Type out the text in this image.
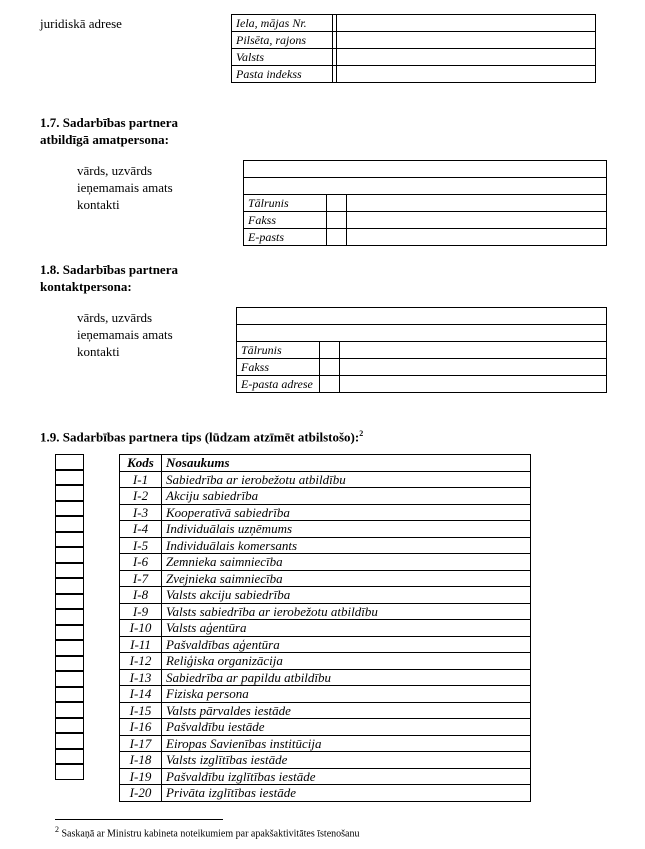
juridiskā adrese	Iela, mājas Nr.		
Pilsēta, rajons		
Valsts		
Pasta indekss		
1.7. Sadarbības partnera
atbildīgā amatpersona:
vārds, uzvārds
ieņemamais amats
kontakti	Tālrunis		
Fakss		
E-pasts		
1.8. Sadarbības partnera
kontaktpersona:
vārds, uzvārds
ieņemamais amats
kontakti	Tālrunis		
Fakss		
E-pasta adrese		
1.9. Sadarbības partnera tips (lūdzam atzīmēt atbilstošo):$^2$
Kods	Nosaukums
I-1	Sabiedrība ar ierobežotu atbildību
I-2	Akciju sabiedrība
I-3	Kooperatīvā sabiedrība
I-4	Individuālais uzņēmums
I-5	Individuālais komersants
I-6	Zemnieka saimniecība
I-7	Zvejnieka saimniecība
I-8	Valsts akciju sabiedrība
I-9	Valsts sabiedrība ar ierobežotu atbildību
I-10	Valsts aģentūra
I-11	Pašvaldības aģentūra
I-12	Reliģiska organizācija
I-13	Sabiedrība ar papildu atbildību
I-14	Fiziska persona
I-15	Valsts pārvaldes iestāde
I-16	Pašvaldību iestāde
I-17	Eiropas Savienības institūcija
I-18	Valsts izglītības iestāde
I-19	Pašvaldību izglītības iestāde
I-20	Privāta izglītības iestāde
$^2$ Saskaņā ar Ministru kabineta noteikumiem par apakšaktivitātes īstenošanu
